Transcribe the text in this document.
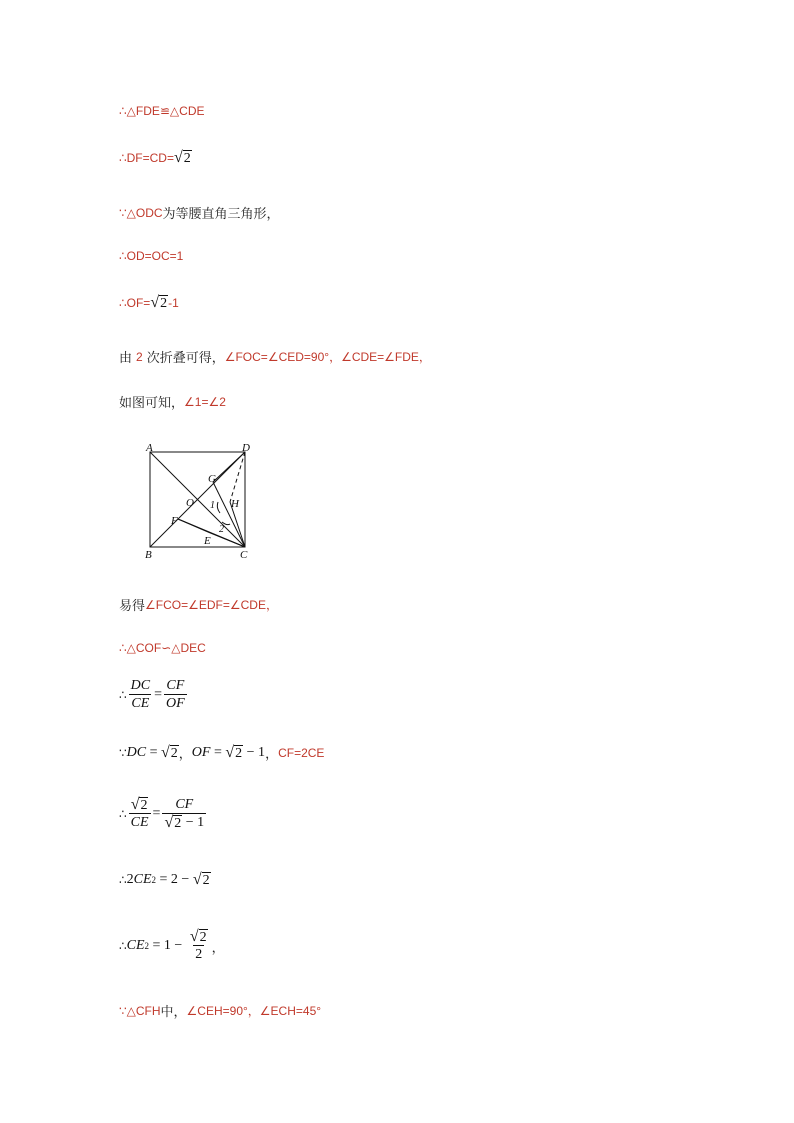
∴△FDE≌△CDE
∴DF=CD= √ 2
∵△ODC 为等腰直角三角形，
∴OD=OC=1
∴OF= √ 2 -1
由 2 次折叠可得， ∠FOC=∠CED=90°，∠CDE=∠FDE，
如图可知， ∠1=∠2
A	D
B	C
G
O	H
F
E
1
2
易得 ∠FCO=∠EDF=∠CDE，
∴△COF∽△DEC
∴ $\frac{DC}{CE} = \frac{CF}{OF}$
∵ DC = √ 2 ， OF = √ 2 − 1 ， CF=2CE
∴ $\frac{√ 2}{CE} = \frac{CF}{√ 2 - 1}$
∴ 2 CE 2 = 2 − √ 2
∴ CE $2 = 1 - \frac{√ 2}{2}$ ，
∵△CFH 中， ∠CEH=90°，∠ECH=45°
